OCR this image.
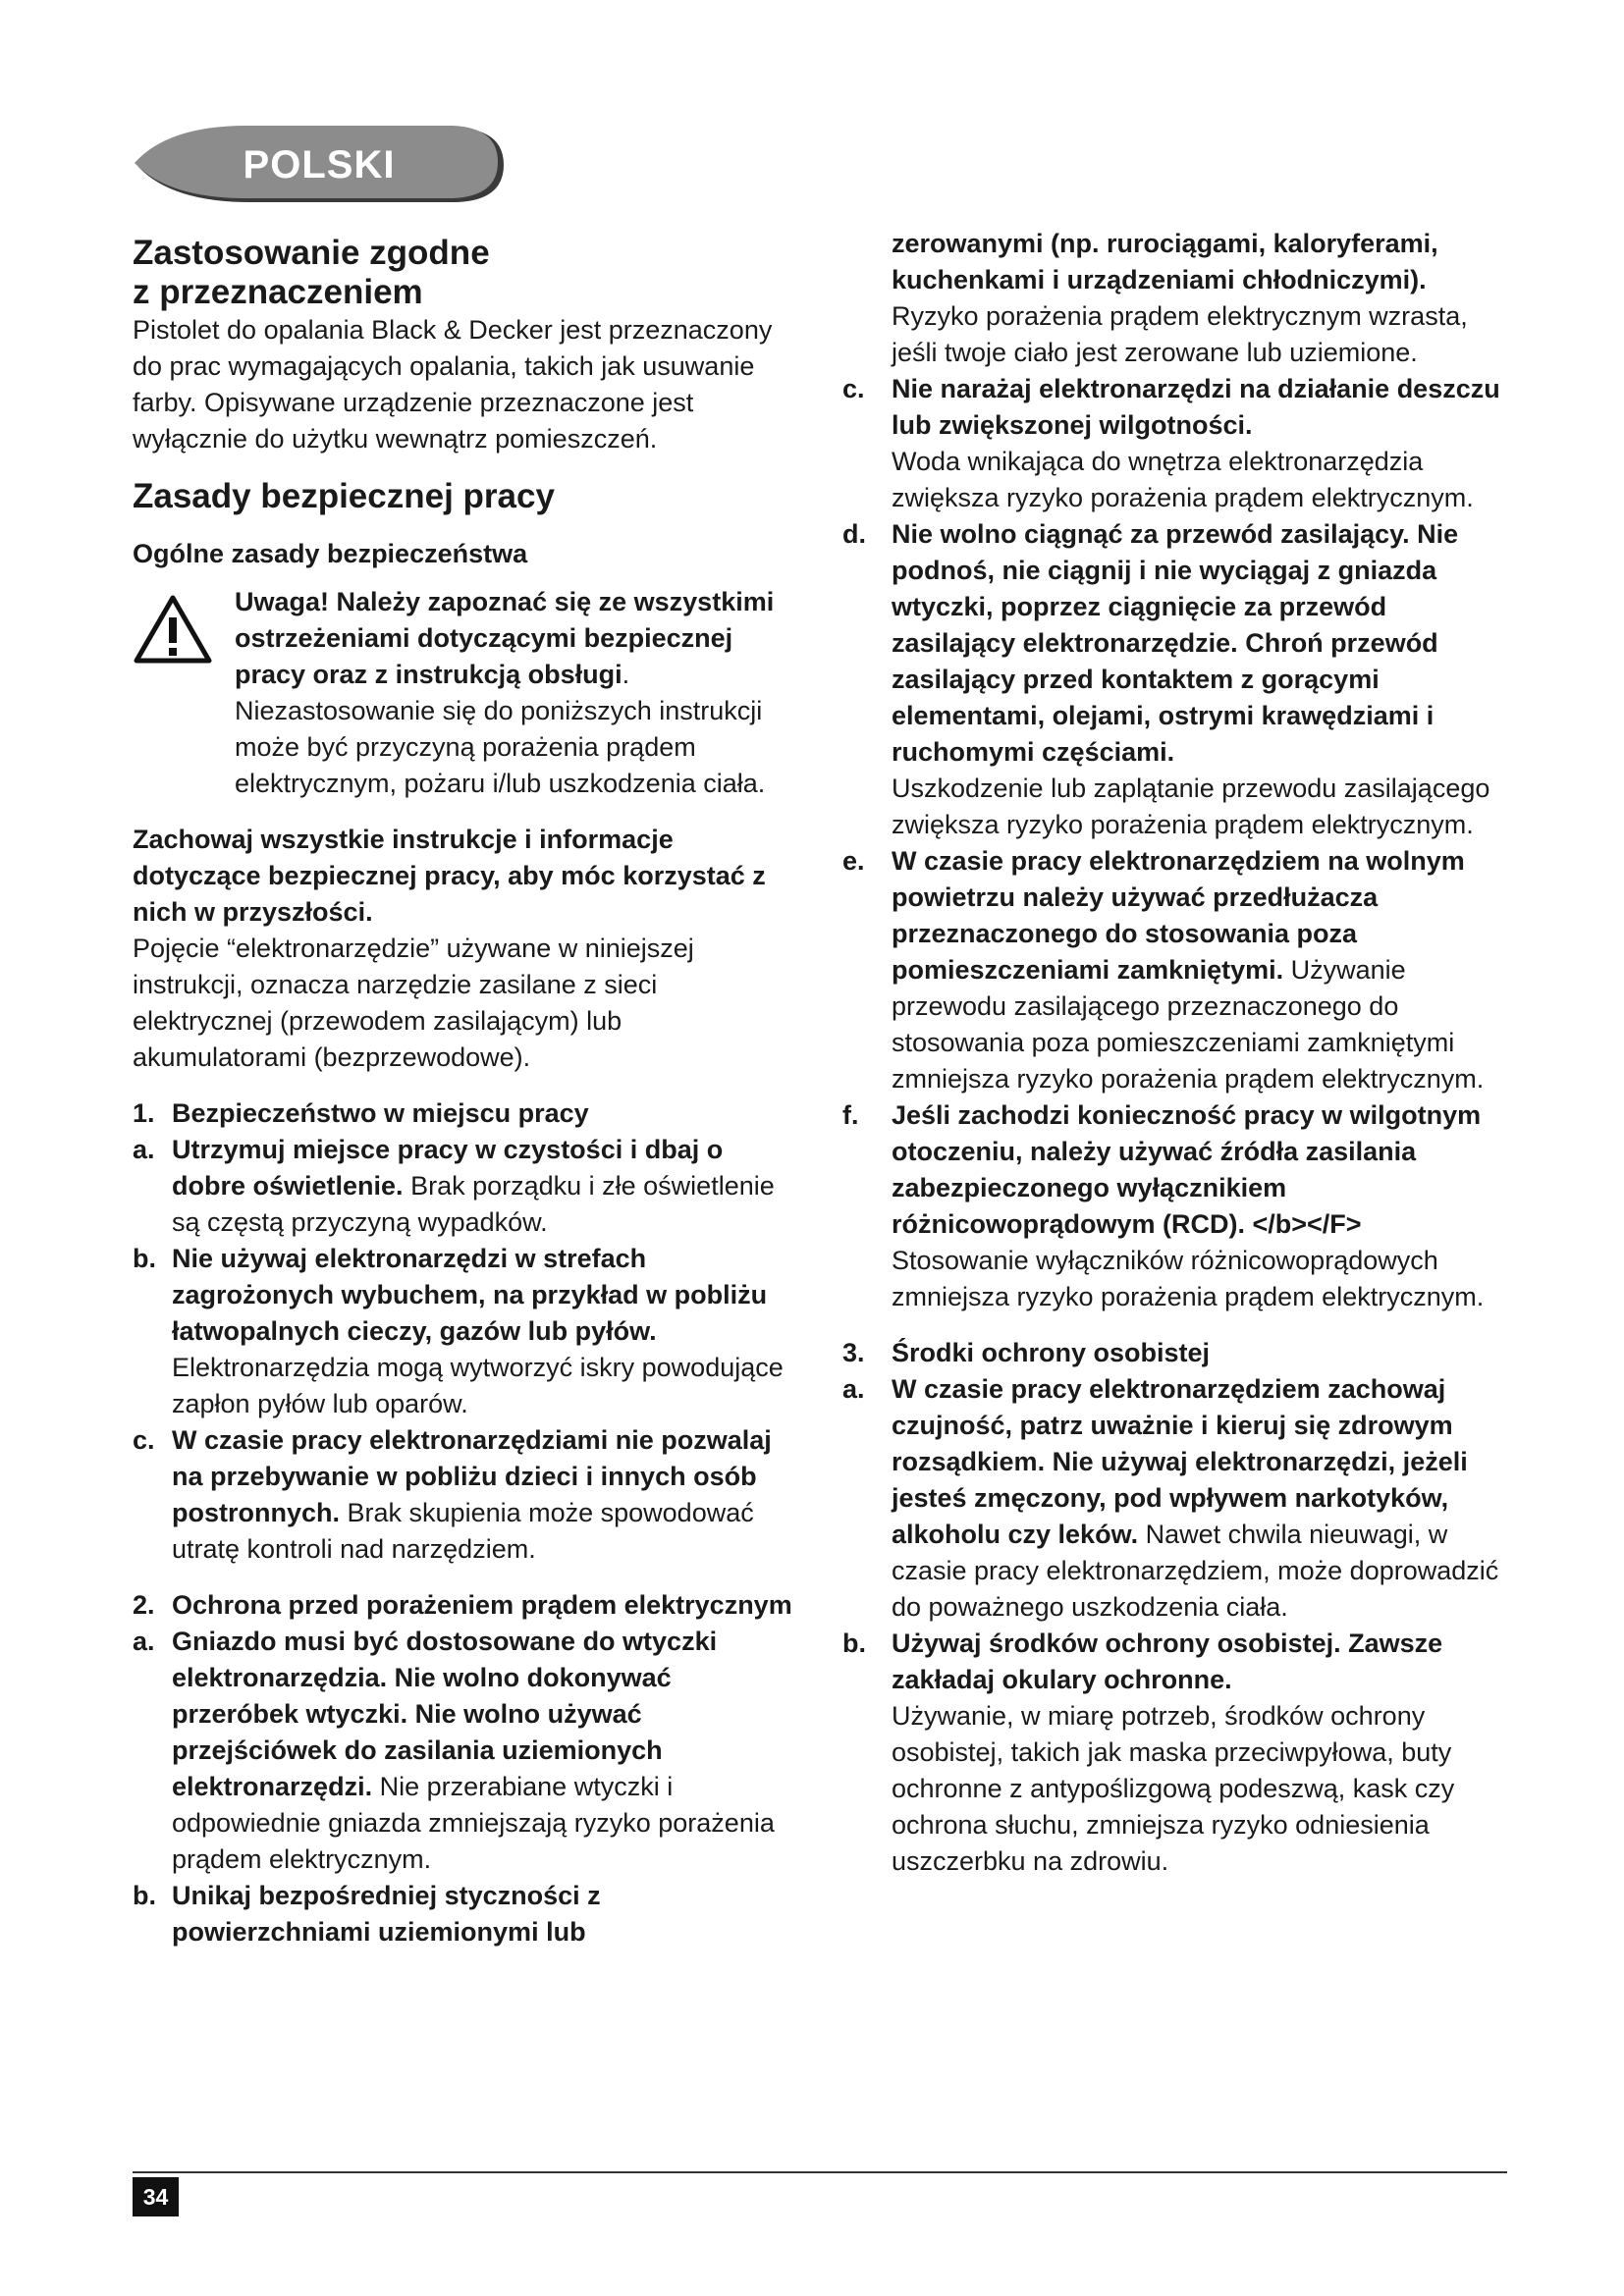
POLSKI

Zastosowanie zgodne

z przeznaczeniem

Pistolet do opalania Black & Decker jest przeznaczony do prac wymagających opalania, takich jak usuwanie farby. Opisywane urządzenie przeznaczone jest wyłącznie do użytku wewnątrz pomieszczeń.

Zasady bezpiecznej pracy

Ogólne zasady bezpieczeństwa

Uwaga! Należy zapoznać się ze wszystkimi ostrzeżeniami dotyczącymi bezpiecznej pracy oraz z instrukcją obsługi. Niezastosowanie się do poniższych instrukcji może być przyczyną porażenia prądem elektrycznym, pożaru i/lub uszkodzenia ciała.

Zachowaj wszystkie instrukcje i informacje dotyczące bezpiecznej pracy, aby móc korzystać z nich w przyszłości.

Pojęcie “elektronarzędzie” używane w niniejszej instrukcji, oznacza narzędzie zasilane z sieci elektrycznej (przewodem zasilającym) lub akumulatorami (bezprzewodowe).

1. Bezpieczeństwo w miejscu pracy
a. Utrzymuj miejsce pracy w czystości i dbaj o dobre oświetlenie. Brak porządku i złe oświetlenie są częstą przyczyną wypadków.

b. Nie używaj elektronarzędzi w strefach zagrożonych wybuchem, na przykład w pobliżu łatwopalnych cieczy, gazów lub pyłów. Elektronarzędzia mogą wytworzyć iskry powodujące zapłon pyłów lub oparów.

c. W czasie pracy elektronarzędziami nie pozwalaj na przebywanie w pobliżu dzieci i innych osób postronnych. Brak skupienia może spowodować utratę kontroli nad narzędziem.

2. Ochrona przed porażeniem prądem elektrycznym
a. Gniazdo musi być dostosowane do wtyczki elektronarzędzia. Nie wolno dokonywać przeróbek wtyczki. Nie wolno używać przejściówek do zasilania uziemionych elektronarzędzi. Nie przerabiane wtyczki i odpowiednie gniazda zmniejszają ryzyko porażenia prądem elektrycznym.

b. Unikaj bezpośredniej styczności z powierzchniami uziemionymi lub

zerowanymi (np. rurociągami, kaloryferami, kuchenkami i urządzeniami chłodniczymi).

Ryzyko porażenia prądem elektrycznym wzrasta, jeśli twoje ciało jest zerowane lub uziemione.

c.	Nie narażaj elektronarzędzi na działanie deszczu lub zwiększonej wilgotności.

Woda wnikająca do wnętrza elektronarzędzia zwiększa ryzyko porażenia prądem elektrycznym.

d. Nie wolno ciągnąć za przewód zasilający. Nie podnoś, nie ciągnij i nie wyciągaj z gniazda wtyczki, poprzez ciągnięcie za przewód zasilający elektronarzędzie. Chroń przewód zasilający przed kontaktem z gorącymi elementami, olejami, ostrymi krawędziami i ruchomymi częściami.

Uszkodzenie lub zaplątanie przewodu zasilającego zwiększa ryzyko porażenia prądem elektrycznym.

e.	W czasie pracy elektronarzędziem na wolnym powietrzu należy używać przedłużacza przeznaczonego do stosowania poza pomieszczeniami zamkniętymi. Używanie przewodu zasilającego przeznaczonego do stosowania poza pomieszczeniami zamkniętymi zmniejsza ryzyko porażenia prądem elektrycznym.

f.	Jeśli zachodzi konieczność pracy w wilgotnym otoczeniu, należy używać źródła zasilania zabezpieczonego wyłącznikiem różnicowoprądowym (RCD). </b></F>

Stosowanie wyłączników różnicowoprądowych zmniejsza ryzyko porażenia prądem elektrycznym.

3.	Środki ochrony osobistej
a.	W czasie pracy elektronarzędziem zachowaj czujność, patrz uważnie i kieruj się zdrowym rozsądkiem. Nie używaj elektronarzędzi, jeżeli jesteś zmęczony, pod wpływem narkotyków, alkoholu czy leków. Nawet chwila nieuwagi, w czasie pracy elektronarzędziem, może doprowadzić do poważnego uszkodzenia ciała.

b. Używaj środków ochrony osobistej. Zawsze zakładaj okulary ochronne.

Używanie, w miarę potrzeb, środków ochrony osobistej, takich jak maska przeciwpyłowa, buty ochronne z antypoślizgową podeszwą, kask czy ochrona słuchu, zmniejsza ryzyko odniesienia uszczerbku na zdrowiu.

34
